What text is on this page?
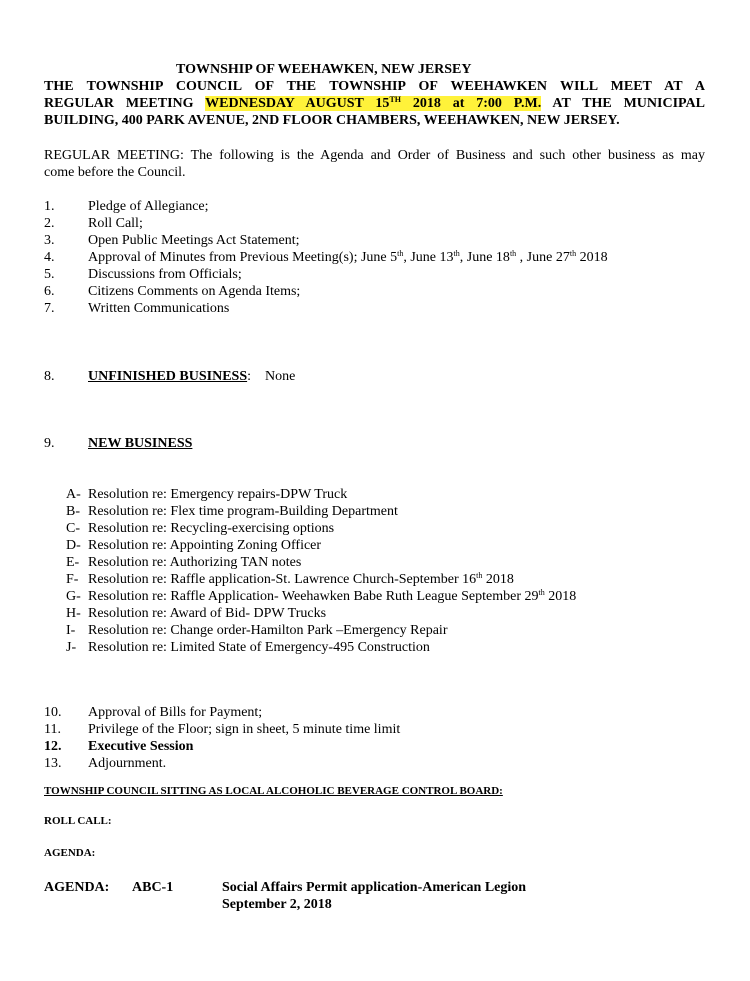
TOWNSHIP OF WEEHAWKEN, NEW JERSEY
THE TOWNSHIP COUNCIL OF THE TOWNSHIP OF WEEHAWKEN WILL MEET AT A
REGULAR MEETING WEDNESDAY AUGUST 15TH 2018 at 7:00 P.M. AT THE MUNICIPAL
BUILDING, 400 PARK AVENUE, 2ND FLOOR CHAMBERS, WEEHAWKEN, NEW JERSEY.
REGULAR MEETING: The following is the Agenda and Order of Business and such other business as may
come before the Council.
1. Pledge of Allegiance;
2. Roll Call;
3. Open Public Meetings Act Statement;
4. Approval of Minutes from Previous Meeting(s); June 5th, June 13th, June 18th , June 27th 2018
5. Discussions from Officials;
6. Citizens Comments on Agenda Items;
7. Written Communications
8. UNFINISHED BUSINESS: None
9. NEW BUSINESS
A- Resolution re: Emergency repairs-DPW Truck
B- Resolution re: Flex time program-Building Department
C- Resolution re: Recycling-exercising options
D- Resolution re: Appointing Zoning Officer
E- Resolution re: Authorizing TAN notes
F- Resolution re: Raffle application-St. Lawrence Church-September 16th 2018
G- Resolution re: Raffle Application- Weehawken Babe Ruth League September 29th 2018
H- Resolution re: Award of Bid- DPW Trucks
I- Resolution re: Change order-Hamilton Park –Emergency Repair
J- Resolution re: Limited State of Emergency-495 Construction
10. Approval of Bills for Payment;
11. Privilege of the Floor; sign in sheet, 5 minute time limit
12. Executive Session
13. Adjournment.
TOWNSHIP COUNCIL SITTING AS LOCAL ALCOHOLIC BEVERAGE CONTROL BOARD:
ROLL CALL:
AGENDA:
AGENDA: ABC-1	Social Affairs Permit application-American Legion
September 2, 2018
